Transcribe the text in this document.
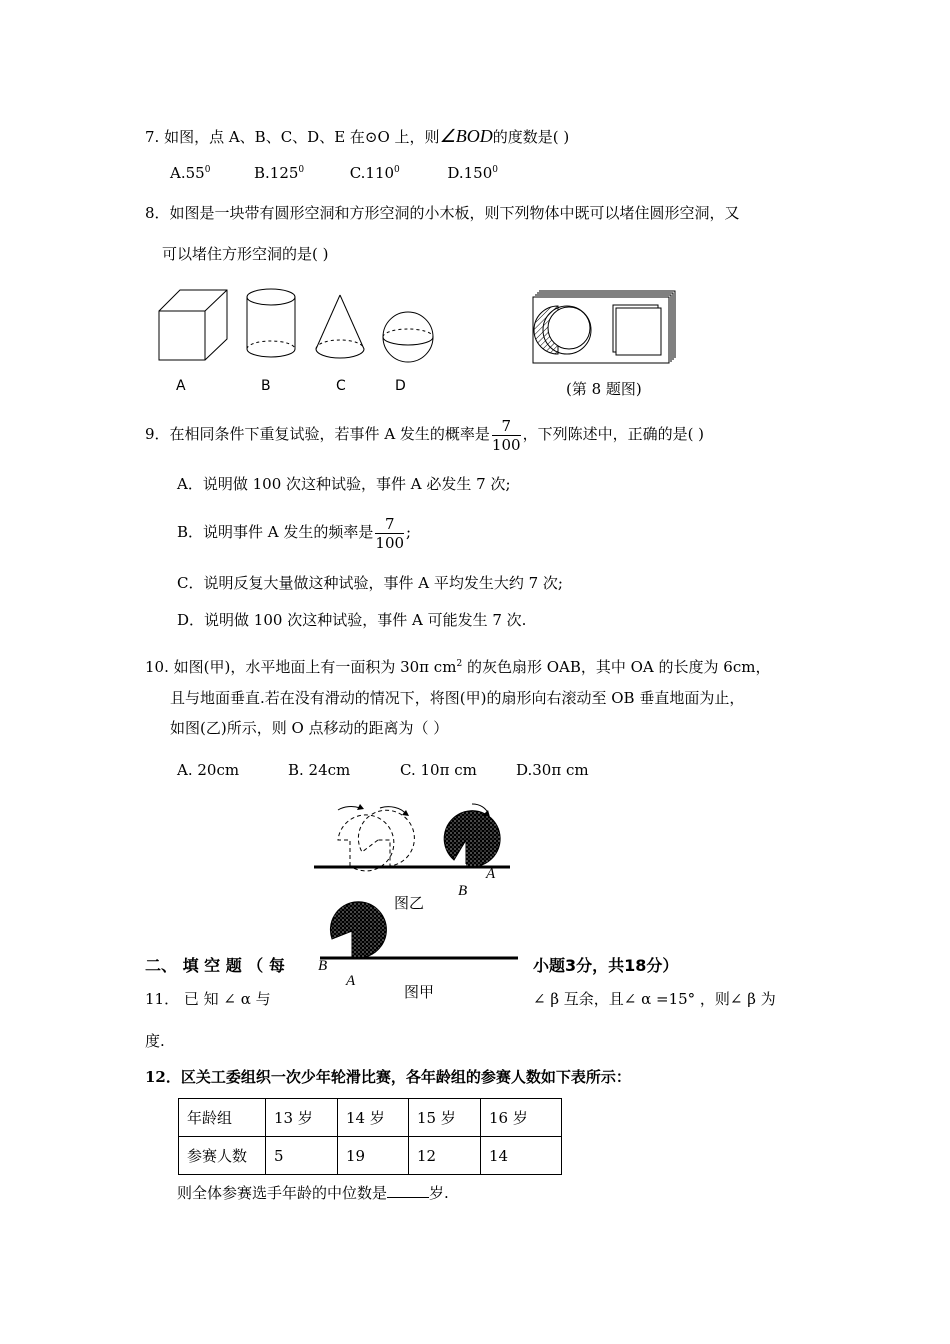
7. 如图，点 A、B、C、D、E 在⊙O 上，则∠BOD的度数是( )
$A.55^0$	B.125$^0$	C.110$^0$	D.150$^0$
8．如图是一块带有圆形空洞和方形空洞的小木板，则下列物体中既可以堵住圆形空洞，又
可以堵住方形空洞的是( )
A	B	C	D	(第 8 题图)
9．在相同条件下重复试验，若事件 A 发生的概率是 $\frac{7}{100}$ ，下列陈述中，正确的是( )
A．说明做 100 次这种试验，事件 A 必发生 7 次;
B．说明事件 A 发生的频率是 $\frac{7}{100}$ ;
C．说明反复大量做这种试验，事件 A 平均发生大约 7 次;
D．说明做 100 次这种试验，事件 A 可能发生 7 次.
10. 如图(甲)，水平地面上有一面积为 30π $cm^2$ 的灰色扇形 OAB，其中 OA 的长度为 6cm，
且与地面垂直.若在没有滑动的情况下，将图(甲)的扇形向右滚动至 OB 垂直地面为止，
如图(乙)所示，则 O 点移动的距离为（ ）
A. 20cm	B. 24cm	C. 10π cm	D.30π cm
A
B
图乙
B
A
图甲
二、 填 空 题 （ 每	小题3分，共18分）
11． 已 知 ∠ α 与	∠ β 互余，且∠ α =15° ，则∠ β 为
度.
12．区关工委组织一次少年轮滑比赛，各年龄组的参赛人数如下表所示：
年龄组	13 岁	14 岁	15 岁	16 岁
参赛人数	5	19	12	14
则全体参赛选手年龄的中位数是	岁.
